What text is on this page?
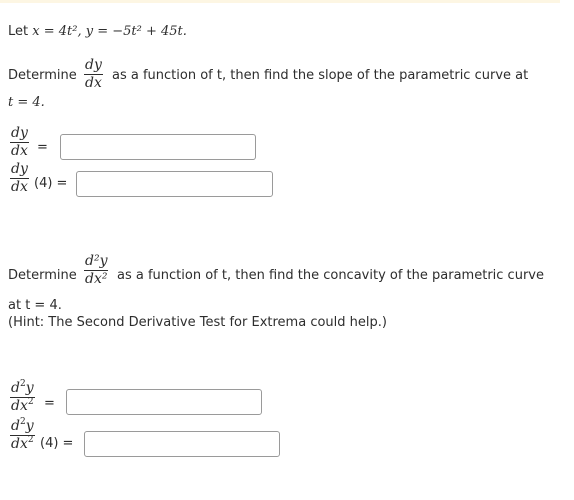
Let x = 4t², y = −5t² + 45t.
Determine $\frac{dy}{dx}$ as a function of t, then find the slope of the parametric curve at
t = 4.
$\frac{dy}{dx}$ =
$\frac{dy}{dx} (4)$ =
Determine $\frac{\text{d²y}}{\text{dx²}}$ as a function of t, then find the concavity of the parametric curve
at t = 4.
(Hint: The Second Derivative Test for Extrema could help.)
$\frac{d^2y}{dx^2}$ =
$\frac{d^2y}{dx^2} (4)$ =
